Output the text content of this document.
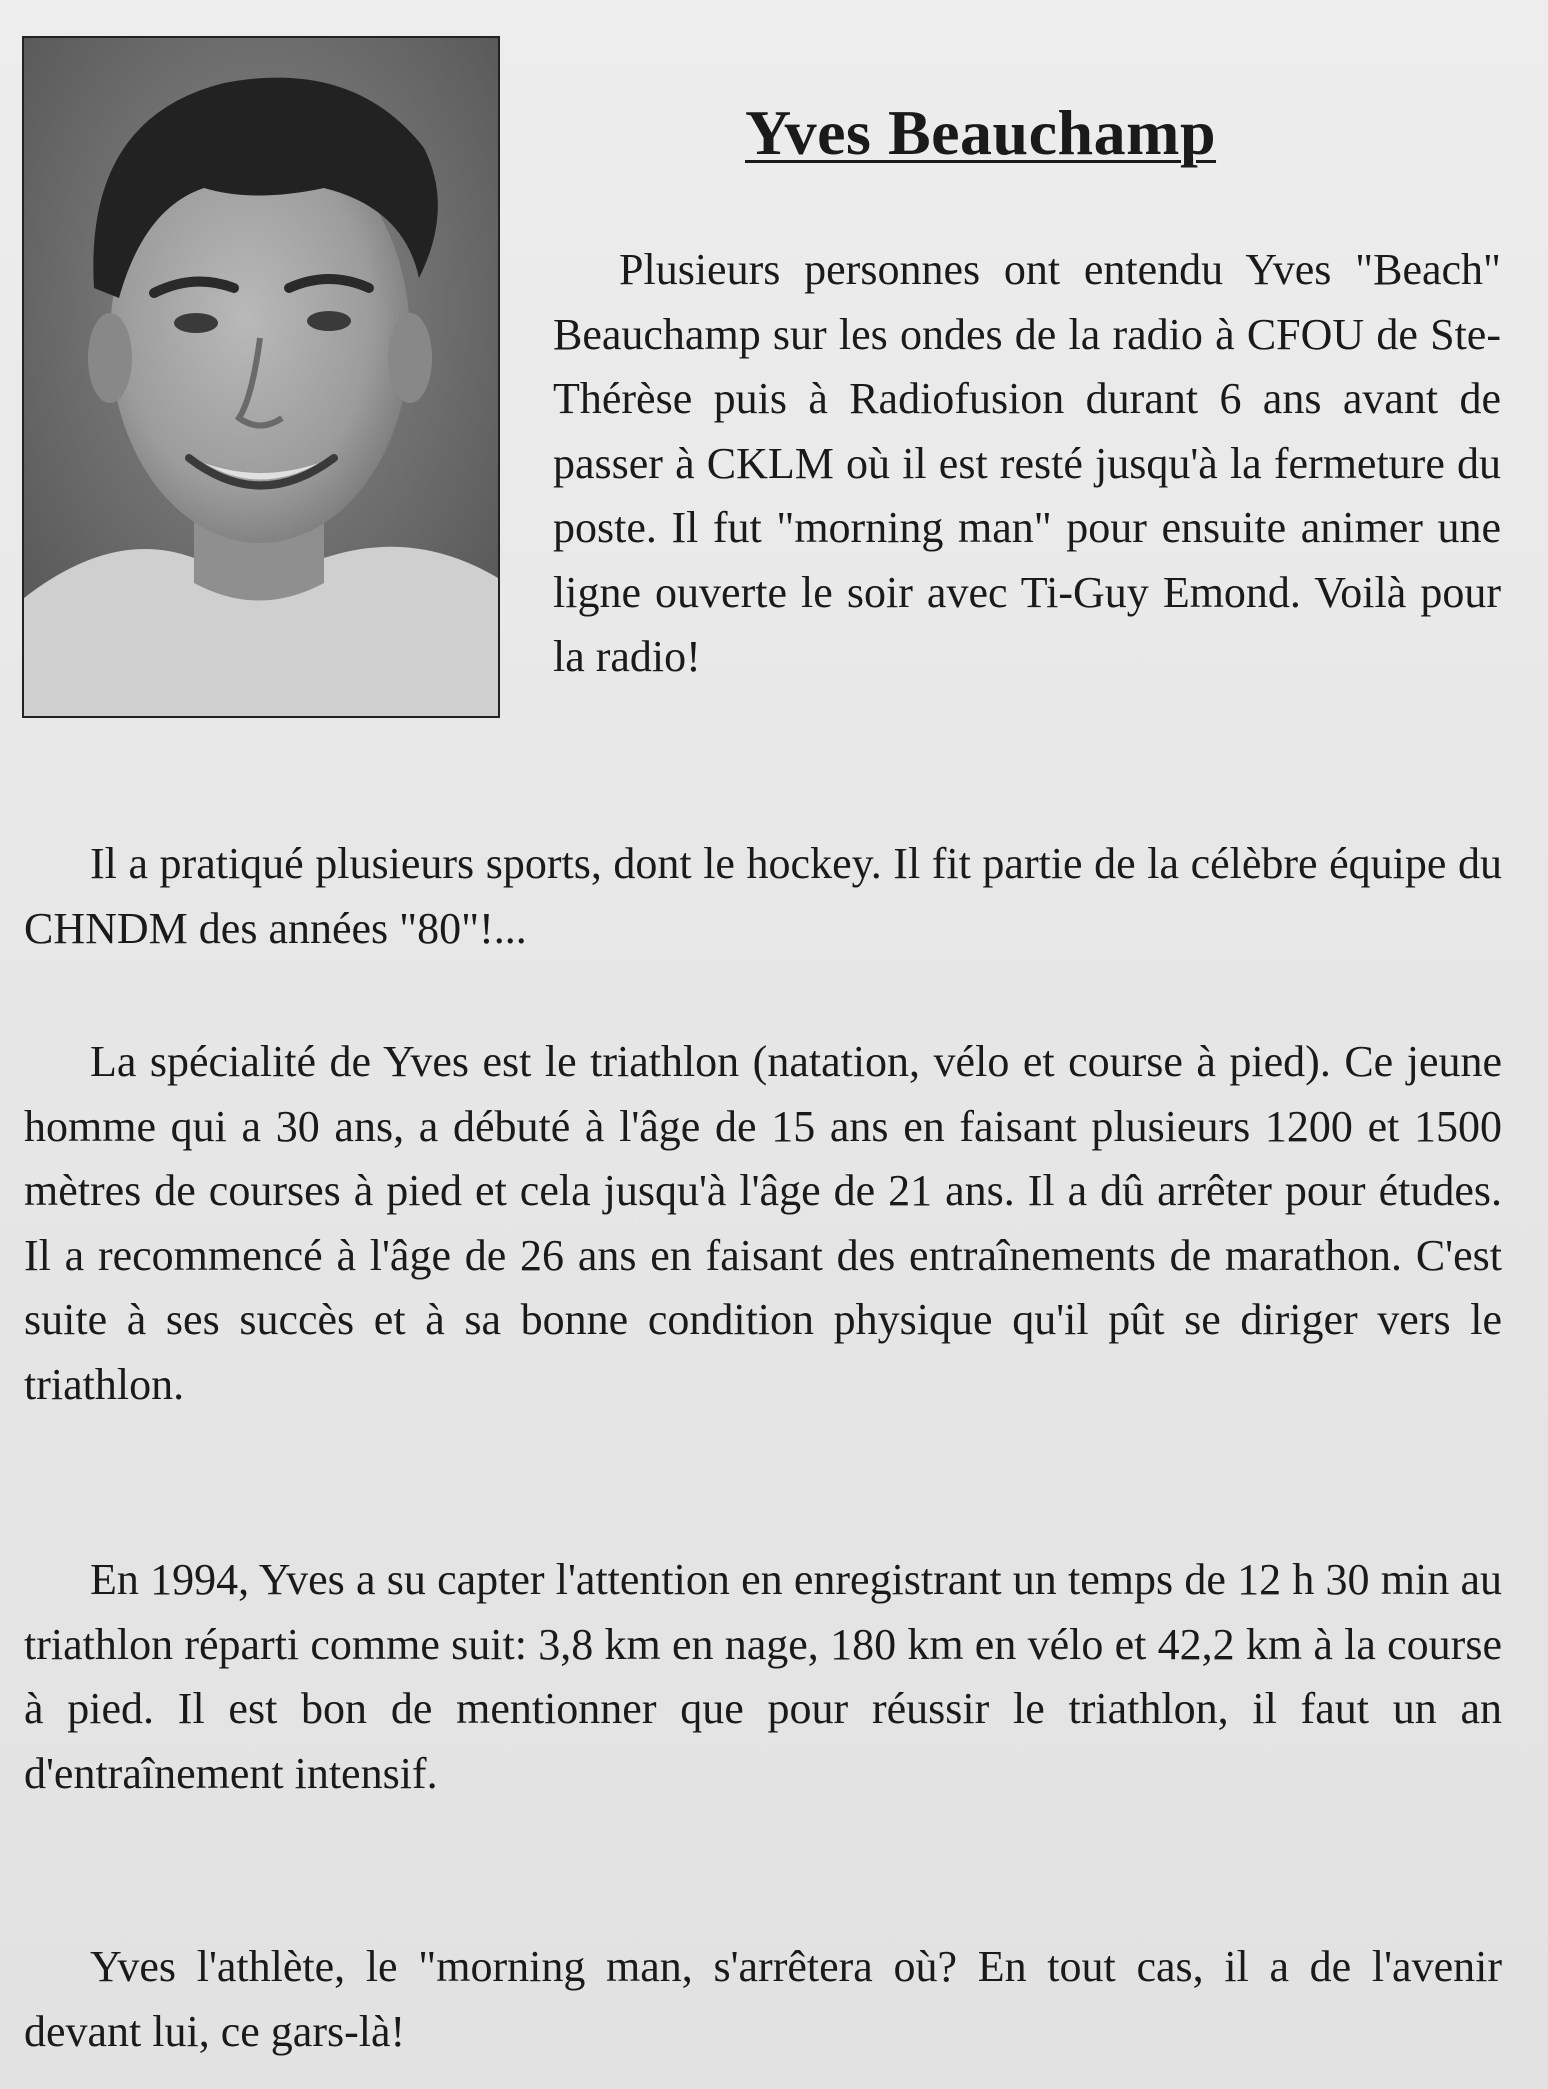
Yves Beauchamp

Plusieurs personnes ont entendu Yves "Beach" Beauchamp sur les ondes de la radio à CFOU de Ste-Thérèse puis à Radiofusion durant 6 ans avant de passer à CKLM où il est resté jusqu'à la fermeture du poste. Il fut "morning man" pour ensuite animer une ligne ouverte le soir avec Ti-Guy Emond. Voilà pour la radio!

Il a pratiqué plusieurs sports, dont le hockey. Il fit partie de la célèbre équipe du CHNDM des années "80"!...

La spécialité de Yves est le triathlon (natation, vélo et course à pied). Ce jeune homme qui a 30 ans, a débuté à l'âge de 15 ans en faisant plusieurs 1200 et 1500 mètres de courses à pied et cela jusqu'à l'âge de 21 ans. Il a dû arrêter pour études. Il a recommencé à l'âge de 26 ans en faisant des entraînements de marathon. C'est suite à ses succès et à sa bonne condition physique qu'il pût se diriger vers le triathlon.

En 1994, Yves a su capter l'attention en enregistrant un temps de 12 h 30 min au triathlon réparti comme suit: 3,8 km en nage, 180 km en vélo et 42,2 km à la course à pied. Il est bon de mentionner que pour réussir le triathlon, il faut un an d'entraînement intensif.

Yves l'athlète, le "morning man, s'arrêtera où? En tout cas, il a de l'avenir devant lui, ce gars-là!
